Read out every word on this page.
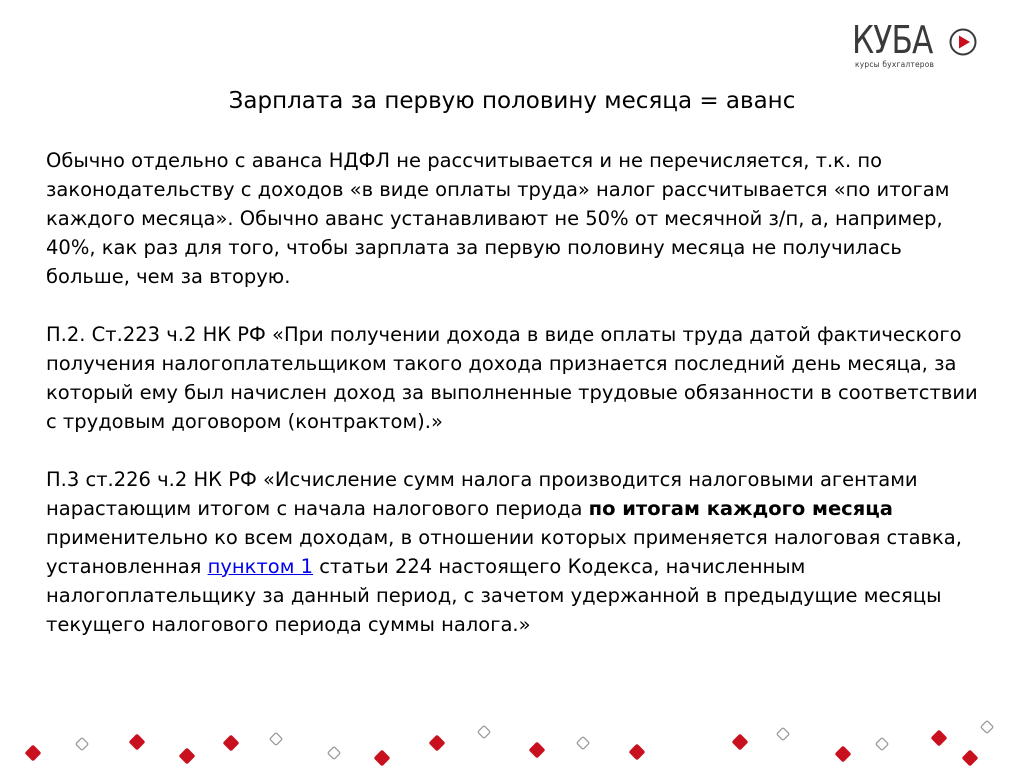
КУБА
курсы бухгалтеров
Зарплата за первую половину месяца = аванс

Обычно отдельно с аванса НДФЛ не рассчитывается и не перечисляется, т.к. по законодательству с доходов «в виде оплаты труда» налог рассчитывается «по итогам каждого месяца». Обычно аванс устанавливают не 50% от месячной з/п, а, например, 40%, как раз для того, чтобы зарплата за первую половину месяца не получилась больше, чем за вторую.

П.2. Ст.223 ч.2 НК РФ «При получении дохода в виде оплаты труда датой фактического получения налогоплательщиком такого дохода признается последний день месяца, за который ему был начислен доход за выполненные трудовые обязанности в соответствии с трудовым договором (контрактом).»

П.3 ст.226 ч.2 НК РФ «Исчисление сумм налога производится налоговыми агентами нарастающим итогом с начала налогового периода по итогам каждого месяца применительно ко всем доходам, в отношении которых применяется налоговая ставка, установленная пунктом 1 статьи 224 настоящего Кодекса, начисленным налогоплательщику за данный период, с зачетом удержанной в предыдущие месяцы текущего налогового периода суммы налога.»
